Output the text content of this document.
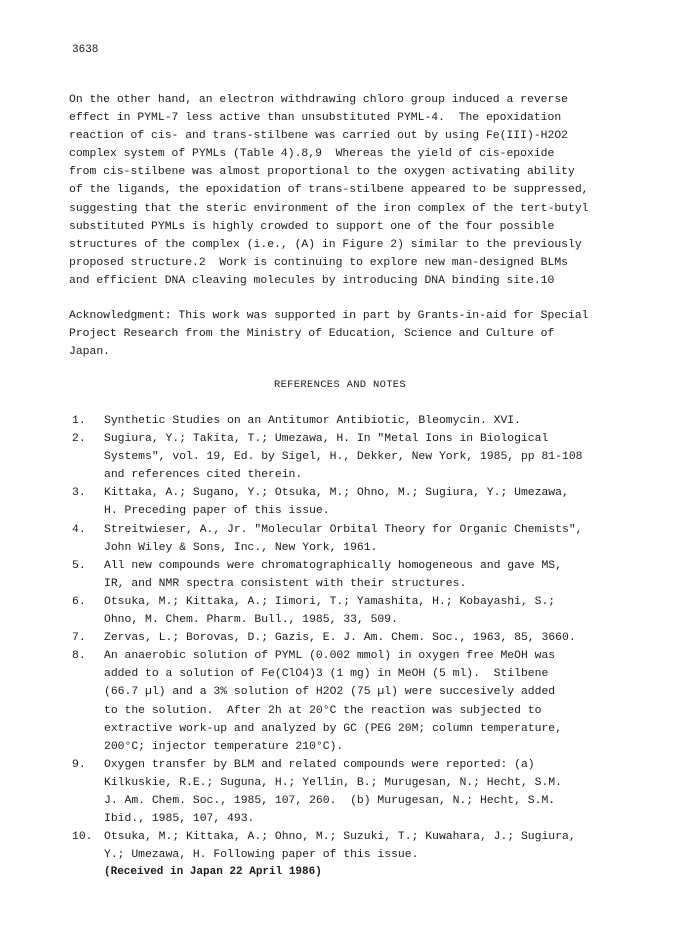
3638
On the other hand, an electron withdrawing chloro group induced a reverse
effect in PYML-7 less active than unsubstituted PYML-4.  The epoxidation
reaction of cis- and trans-stilbene was carried out by using Fe(III)-H2O2
complex system of PYMLs (Table 4).8,9  Whereas the yield of cis-epoxide
from cis-stilbene was almost proportional to the oxygen activating ability
of the ligands, the epoxidation of trans-stilbene appeared to be suppressed,
suggesting that the steric environment of the iron complex of the tert-butyl
substituted PYMLs is highly crowded to support one of the four possible
structures of the complex (i.e., (A) in Figure 2) similar to the previously
proposed structure.2  Work is continuing to explore new man-designed BLMs
and efficient DNA cleaving molecules by introducing DNA binding site.10
Acknowledgment: This work was supported in part by Grants-in-aid for Special
Project Research from the Ministry of Education, Science and Culture of
Japan.
REFERENCES AND NOTES
1.	Synthetic Studies on an Antitumor Antibiotic, Bleomycin. XVI.
2.	Sugiura, Y.; Takita, T.; Umezawa, H. In "Metal Ions in Biological
Systems", vol. 19, Ed. by Sigel, H., Dekker, New York, 1985, pp 81-108
and references cited therein.
3.	Kittaka, A.; Sugano, Y.; Otsuka, M.; Ohno, M.; Sugiura, Y.; Umezawa,
H. Preceding paper of this issue.
4.	Streitwieser, A., Jr. "Molecular Orbital Theory for Organic Chemists",
John Wiley & Sons, Inc., New York, 1961.
5.	All new compounds were chromatographically homogeneous and gave MS,
IR, and NMR spectra consistent with their structures.
6.	Otsuka, M.; Kittaka, A.; Iimori, T.; Yamashita, H.; Kobayashi, S.;
Ohno, M. Chem. Pharm. Bull., 1985, 33, 509.
7.	Zervas, L.; Borovas, D.; Gazis, E. J. Am. Chem. Soc., 1963, 85, 3660.
8.	An anaerobic solution of PYML (0.002 mmol) in oxygen free MeOH was
added to a solution of Fe(ClO4)3 (1 mg) in MeOH (5 ml).  Stilbene
(66.7 µl) and a 3% solution of H2O2 (75 µl) were succesively added
to the solution.  After 2h at 20°C the reaction was subjected to
extractive work-up and analyzed by GC (PEG 20M; column temperature,
200°C; injector temperature 210°C).
9.	Oxygen transfer by BLM and related compounds were reported: (a)
Kilkuskie, R.E.; Suguna, H.; Yellin, B.; Murugesan, N.; Hecht, S.M.
J. Am. Chem. Soc., 1985, 107, 260.  (b) Murugesan, N.; Hecht, S.M.
Ibid., 1985, 107, 493.
10.	Otsuka, M.; Kittaka, A.; Ohno, M.; Suzuki, T.; Kuwahara, J.; Sugiura,
Y.; Umezawa, H. Following paper of this issue.
(Received in Japan 22 April 1986)
